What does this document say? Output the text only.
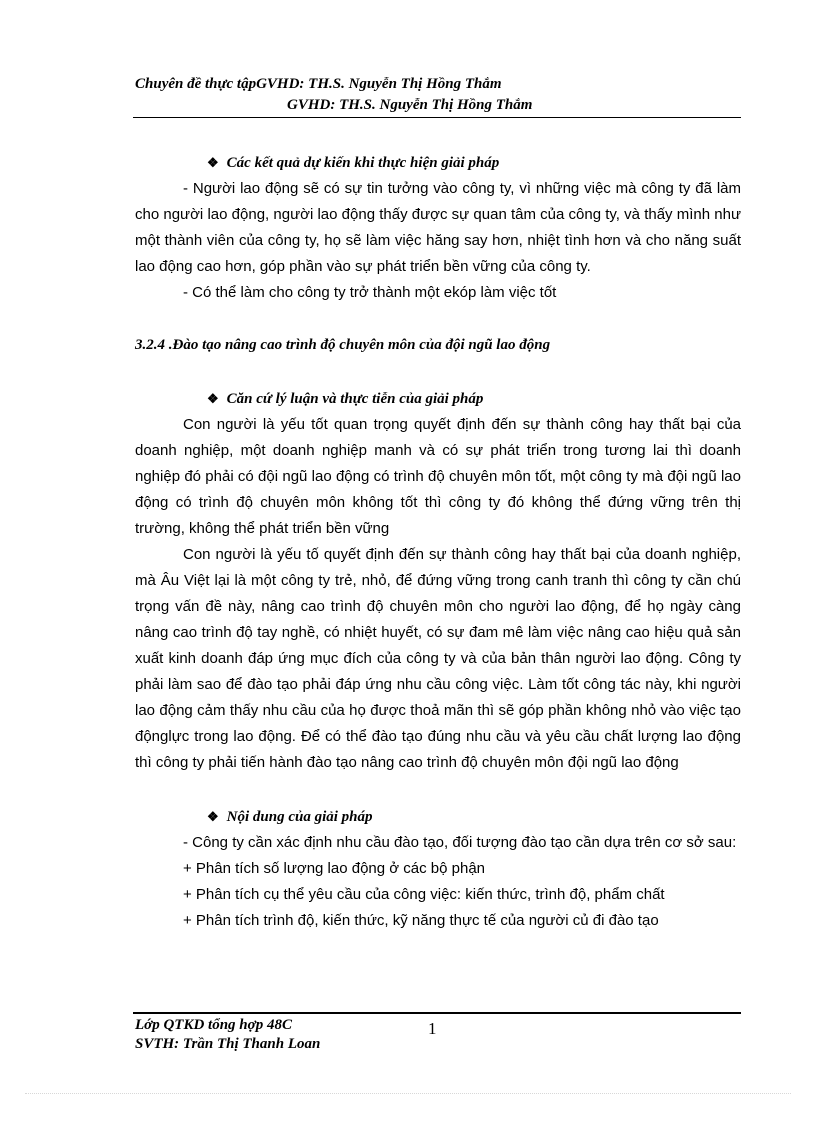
Chuyên đề thực tậpGVHD: TH.S. Nguyễn Thị Hồng Thắm
GVHD: TH.S. Nguyễn Thị Hồng Thắm
❖ Các kết quả dự kiến khi thực hiện giải pháp

- Người lao động sẽ có sự tin tưởng vào công ty, vì những việc mà công ty đã làm cho người lao động, người lao động thấy được sự quan tâm của công ty, và thấy mình như một thành viên của công ty, họ sẽ làm việc hăng say hơn, nhiệt tình hơn và cho năng suất lao động cao hơn, góp phần vào sự phát triển bền vững của công ty.

- Có thể làm cho công ty trở thành một ekóp làm việc tốt

3.2.4 .Đào tạo nâng cao trình độ chuyên môn của đội ngũ lao động

❖ Căn cứ lý luận và thực tiễn của giải pháp

Con người là yếu tốt quan trọng quyết định đến sự thành công hay thất bại của doanh nghiệp, một doanh nghiệp manh và có sự phát triển trong tương lai thì doanh nghiệp đó phải có đội ngũ lao động có trình độ chuyên môn tốt, một công ty mà đội ngũ lao động có trình độ chuyên môn không tốt thì công ty đó không thể đứng vững trên thị trường, không thể phát triển bền vững

Con người là yếu tố quyết định đến sự thành công hay thất bại của doanh nghiệp, mà Âu Việt lại là một công ty trẻ, nhỏ, để đứng vững trong canh tranh thì công ty cần chú trọng vấn đề này, nâng cao trình độ chuyên môn cho người lao động, để họ ngày càng nâng cao trình độ tay nghề, có nhiệt huyết, có sự đam mê làm việc nâng cao hiệu quả sản xuất kinh doanh đáp ứng mục đích của công ty và của bản thân người lao động. Công ty phải làm sao để đào tạo phải đáp ứng nhu cầu công việc. Làm tốt công tác này, khi người lao động cảm thấy nhu cầu của họ được thoả mãn thì sẽ góp phần không nhỏ vào việc tạo độnglực trong lao động. Để có thể đào tạo đúng nhu cầu và yêu cầu chất lượng lao động thì công ty phải tiến hành đào tạo nâng cao trình độ chuyên môn đội ngũ lao động

❖ Nội dung của giải pháp

- Công ty cần xác định nhu cầu đào tạo, đối tượng đào tạo cần dựa trên cơ sở sau:

+ Phân tích số lượng lao động ở các bộ phận

+ Phân tích cụ thể yêu cầu của công việc: kiến thức, trình độ, phẩm chất

+ Phân tích trình độ, kiến thức, kỹ năng thực tế của người củ đi đào tạo

Lớp QTKD tổng hợp 48C
SVTH: Trần Thị Thanh Loan
1
